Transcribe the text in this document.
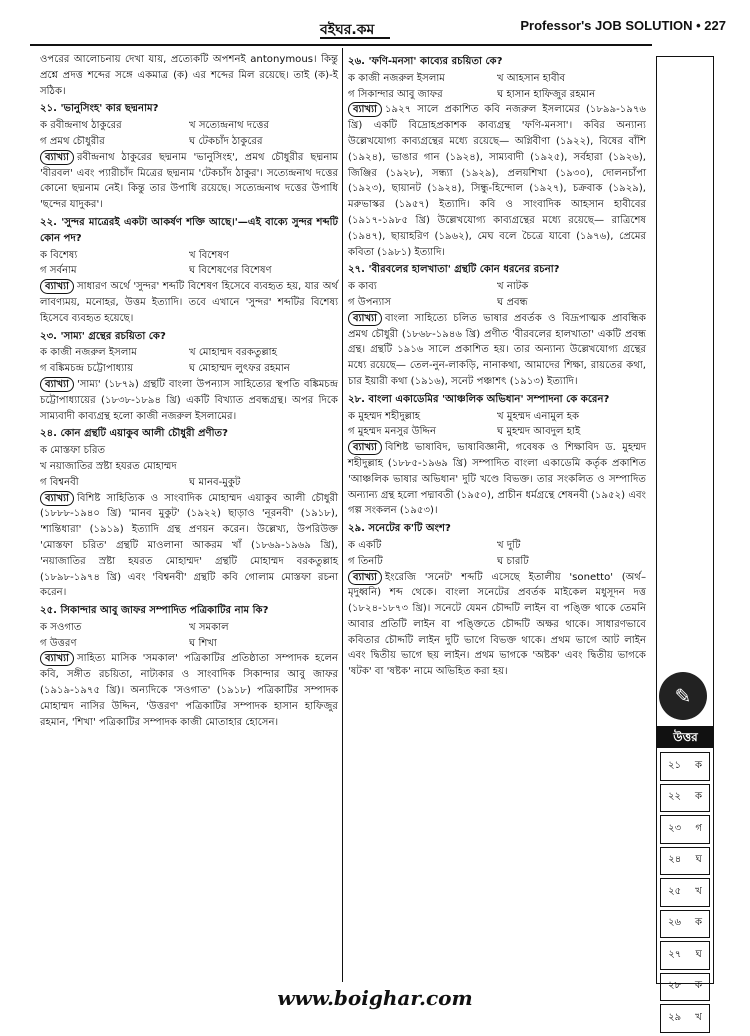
বইঘর.কম	Professor's JOB SOLUTION • 227

ওপরের আলোচনায় দেখা যায়, প্রত্যেকটি অপশনই antonymous। কিন্তু প্রশ্নে প্রদত্ত শব্দের সঙ্গে একমাত্র (ক) এর শব্দের মিল রয়েছে। তাই (ক)-ই সঠিক।

২১. 'ভানুসিংহ' কার ছদ্মনাম?

ক রবীন্দ্রনাথ ঠাকুরের	খ সত্যেন্দ্রনাথ দত্তের
গ প্রমথ চৌধুরীর	ঘ টেকচাঁদ ঠাকুরের

ব্যাখ্যা রবীন্দ্রনাথ ঠাকুরের ছদ্মনাম 'ভানুসিংহ', প্রমথ চৌধুরীর ছদ্মনাম 'বীরবল' এবং প্যারীচাঁদ মিত্রের ছদ্মনাম 'টেকচাঁদ ঠাকুর'। সত্যেন্দ্রনাথ দত্তের কোনো ছদ্মনাম নেই। কিন্তু তার উপাধি রয়েছে। সত্যেন্দ্রনাথ দত্তের উপাধি 'ছন্দের যাদুকর'।

২২. 'সুন্দর মাত্রেরই একটা আকর্ষণ শক্তি আছে।'—এই বাক্যে সুন্দর শব্দটি কোন পদ?

ক বিশেষ্য	খ বিশেষণ
গ সর্বনাম	ঘ বিশেষণের বিশেষণ

ব্যাখ্যা সাধারণ অর্থে 'সুন্দর' শব্দটি বিশেষণ হিসেবে ব্যবহৃত হয়, যার অর্থ লাবণ্যময়, মনোহর, উত্তম ইত্যাদি। তবে এখানে 'সুন্দর' শব্দটির বিশেষ্য হিসেবে ব্যবহৃত হয়েছে।

২৩. 'সাম্য' গ্রন্থের রচয়িতা কে?

ক কাজী নজরুল ইসলাম	খ মোহাম্মদ বরকতুল্লাহ
গ বঙ্কিমচন্দ্র চট্টোপাধ্যায়	ঘ মোহাম্মদ লুৎফর রহমান

ব্যাখ্যা 'সাম্য' (১৮৭৯) গ্রন্থটি বাংলা উপন্যাস সাহিত্যের স্থপতি বঙ্কিমচন্দ্র চট্টোপাধ্যায়ের (১৮৩৮-১৮৯৪ খ্রি) একটি বিখ্যাত প্রবন্ধগ্রন্থ। অপর দিকে সাম্যবাদী কাব্যগ্রন্থ হলো কাজী নজরুল ইসলামের।

২৪. কোন গ্রন্থটি এয়াকুব আলী চৌধুরী প্রণীত?

ক মোস্তফা চরিত
খ নয়াজাতির স্রষ্টা হযরত মোহাম্মদ
গ বিশ্বনবী	ঘ মানব-মুকুট

ব্যাখ্যা বিশিষ্ট সাহিত্যিক ও সাংবাদিক মোহাম্মদ এয়াকুব আলী চৌধুরী (১৮৮৮-১৯৪০ খ্রি) 'মানব মুকুট' (১৯২২) ছাড়াও 'নূরনবী' (১৯১৮), 'শান্তিধারা' (১৯১৯) ইত্যাদি গ্রন্থ প্রণয়ন করেন। উল্লেখ্য, উপরিউক্ত 'মোস্তফা চরিত' গ্রন্থটি মাওলানা আকরম খাঁ (১৮৬৯-১৯৬৯ খ্রি), 'নয়াজাতির স্রষ্টা হযরত মোহাম্মদ' গ্রন্থটি মোহাম্মদ বরকতুল্লাহ (১৮৯৮-১৯৭৪ খ্রি) এবং 'বিশ্বনবী' গ্রন্থটি কবি গোলাম মোস্তফা রচনা করেন।

২৫. সিকান্দার আবু জাফর সম্পাদিত পত্রিকাটির নাম কি?

ক সওগাত	খ সমকাল
গ উত্তরণ	ঘ শিখা

ব্যাখ্যা সাহিত্য মাসিক 'সমকাল' পত্রিকাটির প্রতিষ্ঠাতা সম্পাদক হলেন কবি, সঙ্গীত রচয়িতা, নাট্যকার ও সাংবাদিক সিকান্দার আবু জাফর (১৯১৯-১৯৭৫ খ্রি)। অন্যদিকে 'সওগাত' (১৯১৮) পত্রিকাটির সম্পাদক মোহাম্মদ নাসির উদ্দিন, 'উত্তরণ' পত্রিকাটির সম্পাদক হাসান হাফিজুর রহমান, 'শিখা' পত্রিকাটির সম্পাদক কাজী মোতাহার হোসেন।

২৬. 'ফণি-মনসা' কাব্যের রচয়িতা কে?

ক কাজী নজরুল ইসলাম	খ আহসান হাবীব
গ সিকান্দার আবু জাফর	ঘ হাসান হাফিজুর রহমান

ব্যাখ্যা ১৯২৭ সালে প্রকাশিত কবি নজরুল ইসলামের (১৮৯৯-১৯৭৬ খ্রি) একটি বিদ্রোহপ্রকাশক কাব্যগ্রন্থ 'ফণি-মনসা'। কবির অন্যান্য উল্লেখযোগ্য কাব্যগ্রন্থের মধ্যে রয়েছে— অগ্নিবীণা (১৯২২), বিষের বাঁশি (১৯২৪), ভাঙার গান (১৯২৪), সাম্যবাদী (১৯২৫), সর্বহারা (১৯২৬), জিঞ্জির (১৯২৮), সন্ধ্যা (১৯২৯), প্রলয়শিখা (১৯৩০), দোলনচাঁপা (১৯২৩), ছায়ানট (১৯২৪), সিন্ধু-হিন্দোল (১৯২৭), চক্রবাক (১৯২৯), মরুভাস্কর (১৯৫৭) ইত্যাদি। কবি ও সাংবাদিক আহসান হাবীবের (১৯১৭-১৯৮৫ খ্রি) উল্লেখযোগ্য কাব্যগ্রন্থের মধ্যে রয়েছে— রাত্রিশেষ (১৯৪৭), ছায়াহরিণ (১৯৬২), মেঘ বলে চৈত্রে যাবো (১৯৭৬), প্রেমের কবিতা (১৯৮১) ইত্যাদি।

২৭. 'বীরবলের হালখাতা' গ্রন্থটি কোন ধরনের রচনা?

ক কাব্য	খ নাটক
গ উপন্যাস	ঘ প্রবন্ধ

ব্যাখ্যা বাংলা সাহিত্যে চলিত ভাষার প্রবর্তক ও বিদ্রূপাত্মক প্রাবন্ধিক প্রমথ চৌধুরী (১৮৬৮-১৯৪৬ খ্রি) প্রণীত 'বীরবলের হালখাতা' একটি প্রবন্ধ গ্রন্থ। গ্রন্থটি ১৯১৬ সালে প্রকাশিত হয়। তার অন্যান্য উল্লেখযোগ্য গ্রন্থের মধ্যে রয়েছে— তেল-নুন-লাকড়ি, নানাকথা, আমাদের শিক্ষা, রায়তের কথা, চার ইয়ারী কথা (১৯১৬), সনেট পঞ্চাশৎ (১৯১৩) ইত্যাদি।

২৮. বাংলা একাডেমির 'আঞ্চলিক অভিধান' সম্পাদনা কে করেন?

ক মুহম্মদ শহীদুল্লাহ	খ মুহম্মদ এনামুল হক
গ মুহম্মদ মনসুর উদ্দিন	ঘ মুহম্মদ আবদুল হাই

ব্যাখ্যা বিশিষ্ট ভাষাবিদ, ভাষাবিজ্ঞানী, গবেষক ও শিক্ষাবিদ ড. মুহম্মদ শহীদুল্লাহ (১৮৮৫-১৯৬৯ খ্রি) সম্পাদিত বাংলা একাডেমি কর্তৃক প্রকাশিত 'আঞ্চলিক ভাষার অভিধান' দুটি খণ্ডে বিভক্ত। তার সংকলিত ও সম্পাদিত অন্যান্য গ্রন্থ হলো পদ্মাবতী (১৯৫০), প্রাচীন ধর্মগ্রন্থে শেষনবী (১৯৫২) এবং গল্প সংকলন (১৯৫৩)।

২৯. সনেটের ক'টি অংশ?

ক একটি	খ দুটি
গ তিনটি	ঘ চারটি

ব্যাখ্যা ইংরেজি 'সনেট' শব্দটি এসেছে ইতালীয় 'sonetto' (অর্থ– মৃদুধ্বনি) শব্দ থেকে। বাংলা সনেটের প্রবর্তক মাইকেল মধুসূদন দত্ত (১৮২৪-১৮৭৩ খ্রি)। সনেটে যেমন চৌদ্দটি লাইন বা পঙ্ক্তি থাকে তেমনি আবার প্রতিটি লাইন বা পঙ্ক্তিতে চৌদ্দটি অক্ষর থাকে। সাধারণভাবে কবিতার চৌদ্দটি লাইন দুটি ভাগে বিভক্ত থাকে। প্রথম ভাগে আট লাইন এবং দ্বিতীয় ভাগে ছয় লাইন। প্রথম ভাগকে 'অষ্টক' এবং দ্বিতীয় ভাগকে 'ষটক' বা 'ষষ্টক' নামে অভিহিত করা হয়।

✎
উত্তর
২১ ক
২২ ক
২৩ গ
২৪ ঘ
২৫ খ
২৬ ক
২৭ ঘ
২৮ ক
২৯ খ
www.boighar.com
